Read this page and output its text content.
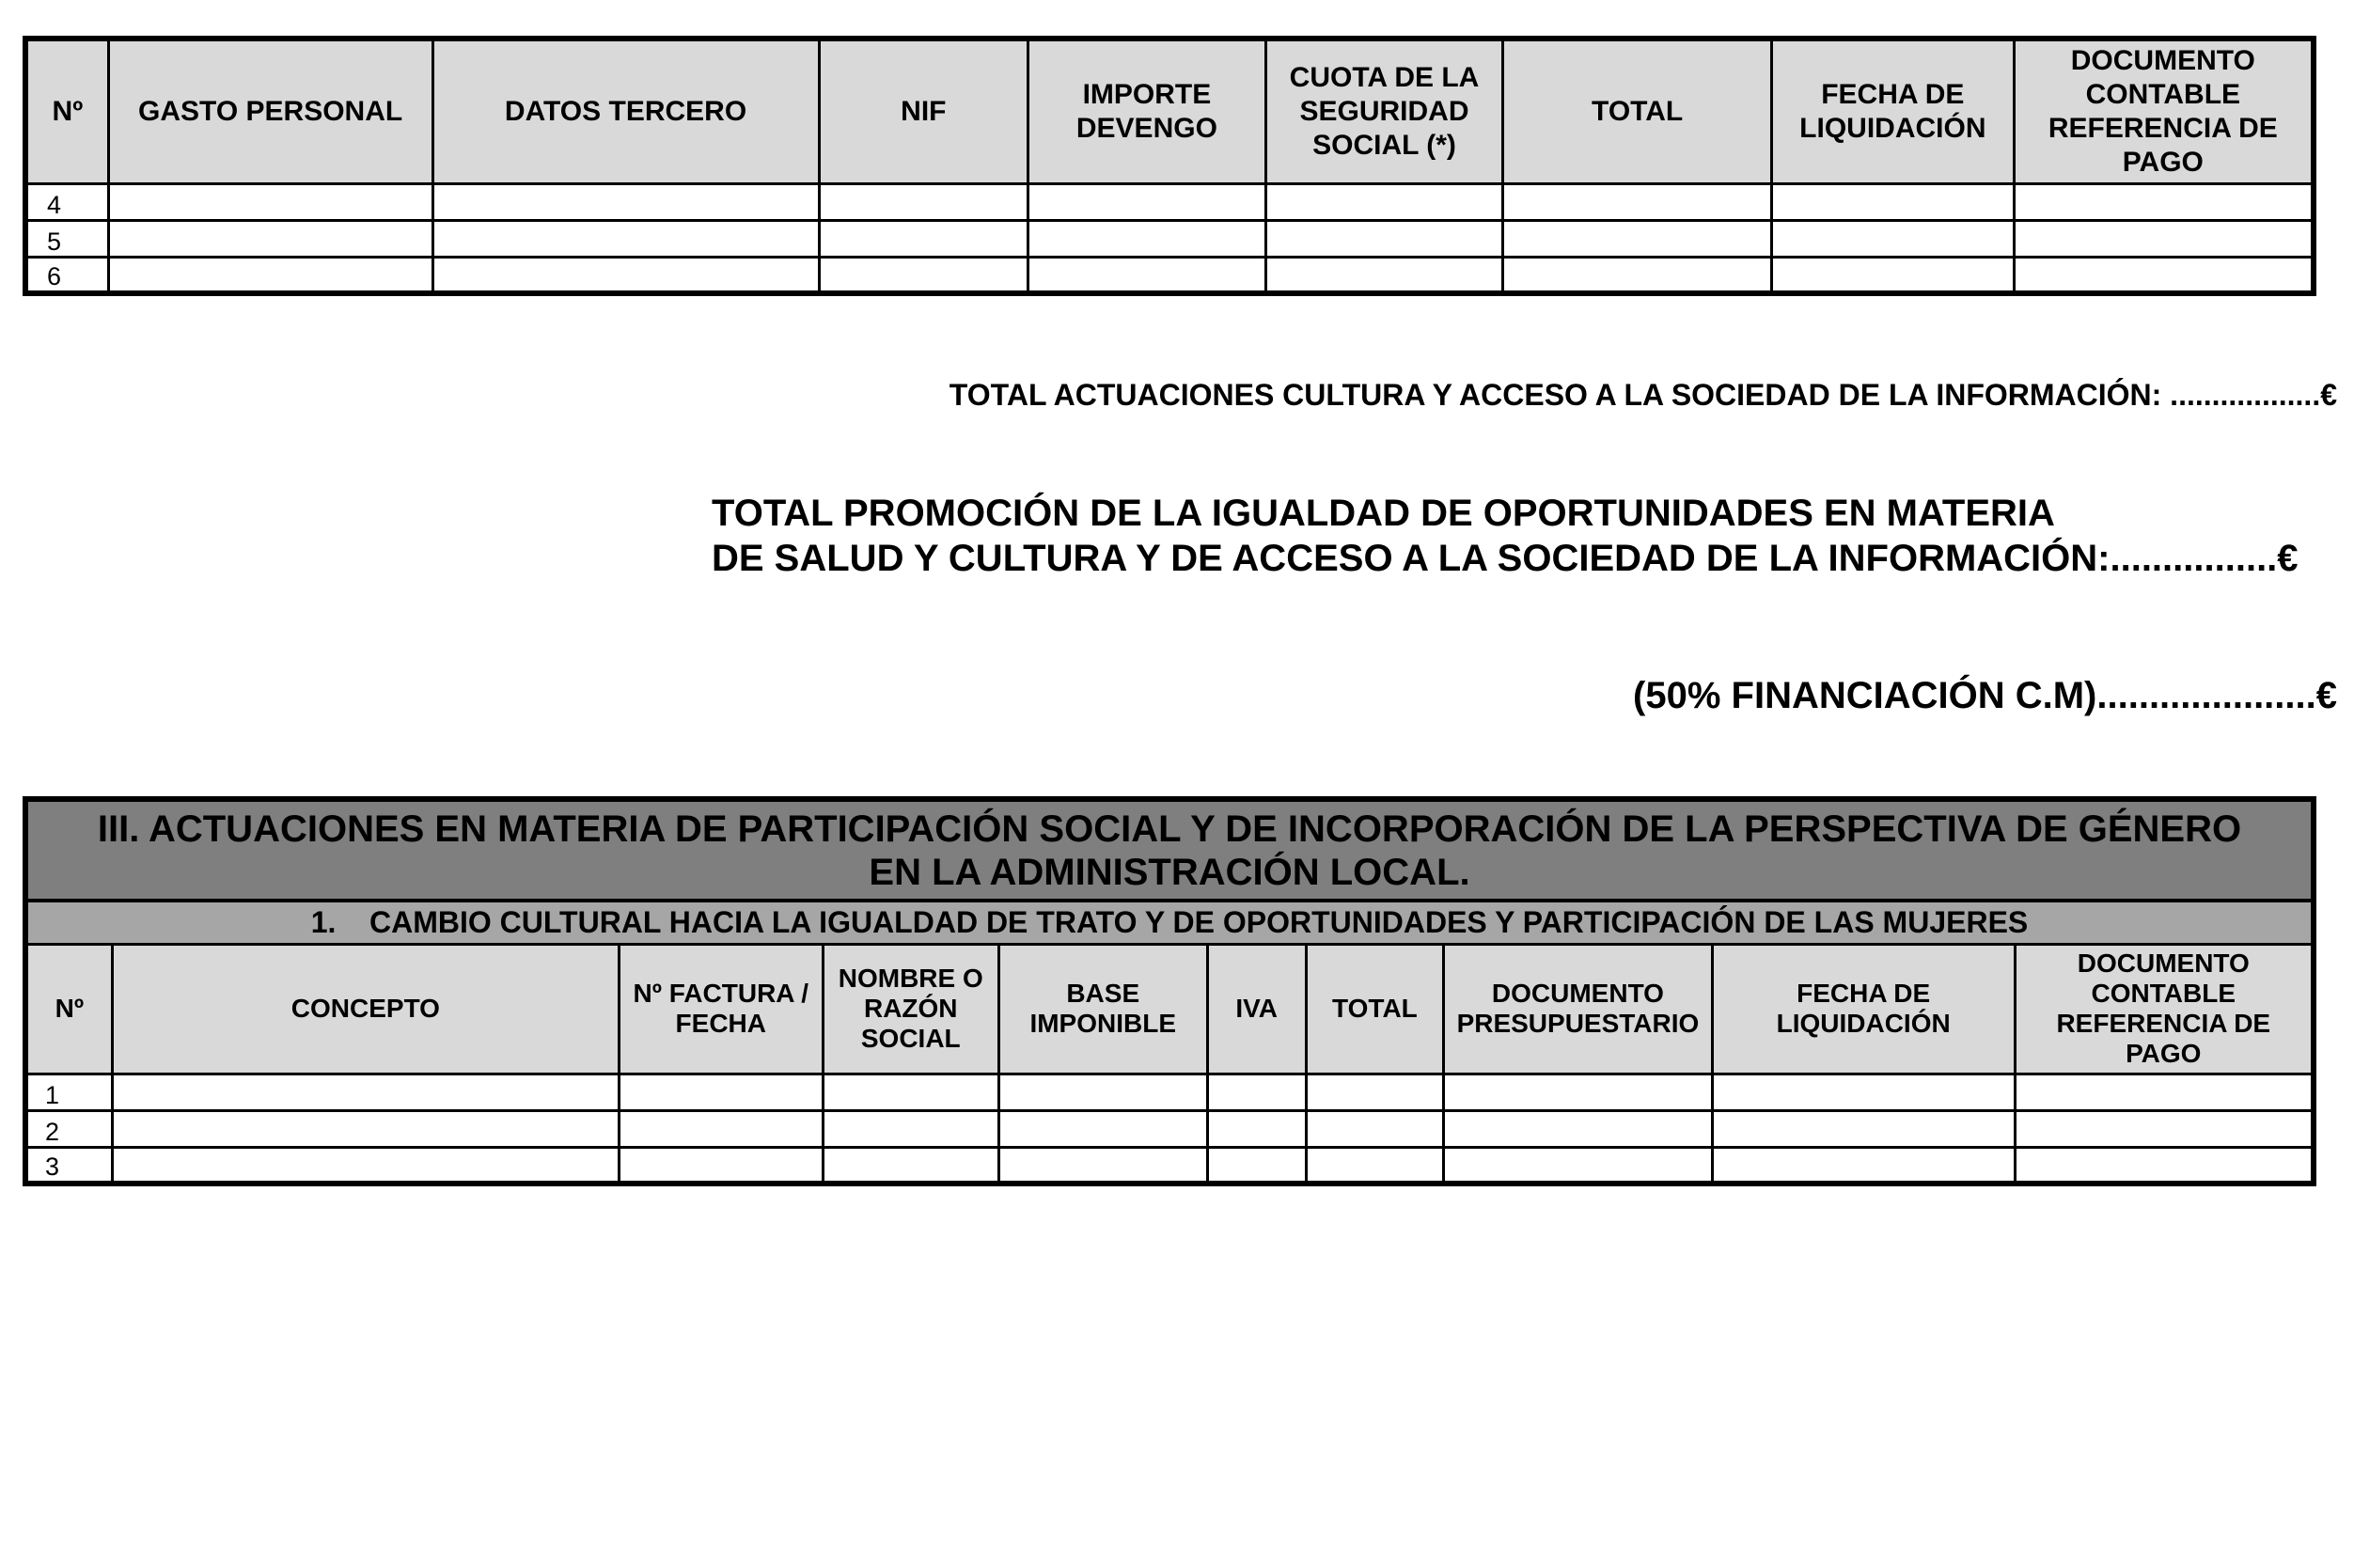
Nº	GASTO PERSONAL	DATOS TERCERO	NIF	IMPORTE DEVENGO	CUOTA DE LA SEGURIDAD SOCIAL (*)	TOTAL	FECHA DE LIQUIDACIÓN	DOCUMENTO CONTABLE REFERENCIA DE PAGO
4								
5								
6								
TOTAL ACTUACIONES CULTURA Y ACCESO A LA SOCIEDAD DE LA INFORMACIÓN: ..................€
TOTAL PROMOCIÓN DE LA IGUALDAD DE OPORTUNIDADES EN MATERIA
DE SALUD Y CULTURA Y DE ACCESO A LA SOCIEDAD DE LA INFORMACIÓN:................€
(50% FINANCIACIÓN C.M).....................€
III. ACTUACIONES EN MATERIA DE PARTICIPACIÓN SOCIAL Y DE INCORPORACIÓN DE LA PERSPECTIVA DE GÉNERO
EN LA ADMINISTRACIÓN LOCAL.									

1.    CAMBIO CULTURAL HACIA LA IGUALDAD DE TRATO Y DE OPORTUNIDADES Y PARTICIPACIÓN DE LAS MUJERES									
Nº	CONCEPTO	Nº FACTURA / FECHA	NOMBRE O RAZÓN SOCIAL	BASE IMPONIBLE	IVA	TOTAL	DOCUMENTO PRESUPUESTARIO	FECHA DE LIQUIDACIÓN	DOCUMENTO CONTABLE REFERENCIA DE PAGO
1									
2									
3									
